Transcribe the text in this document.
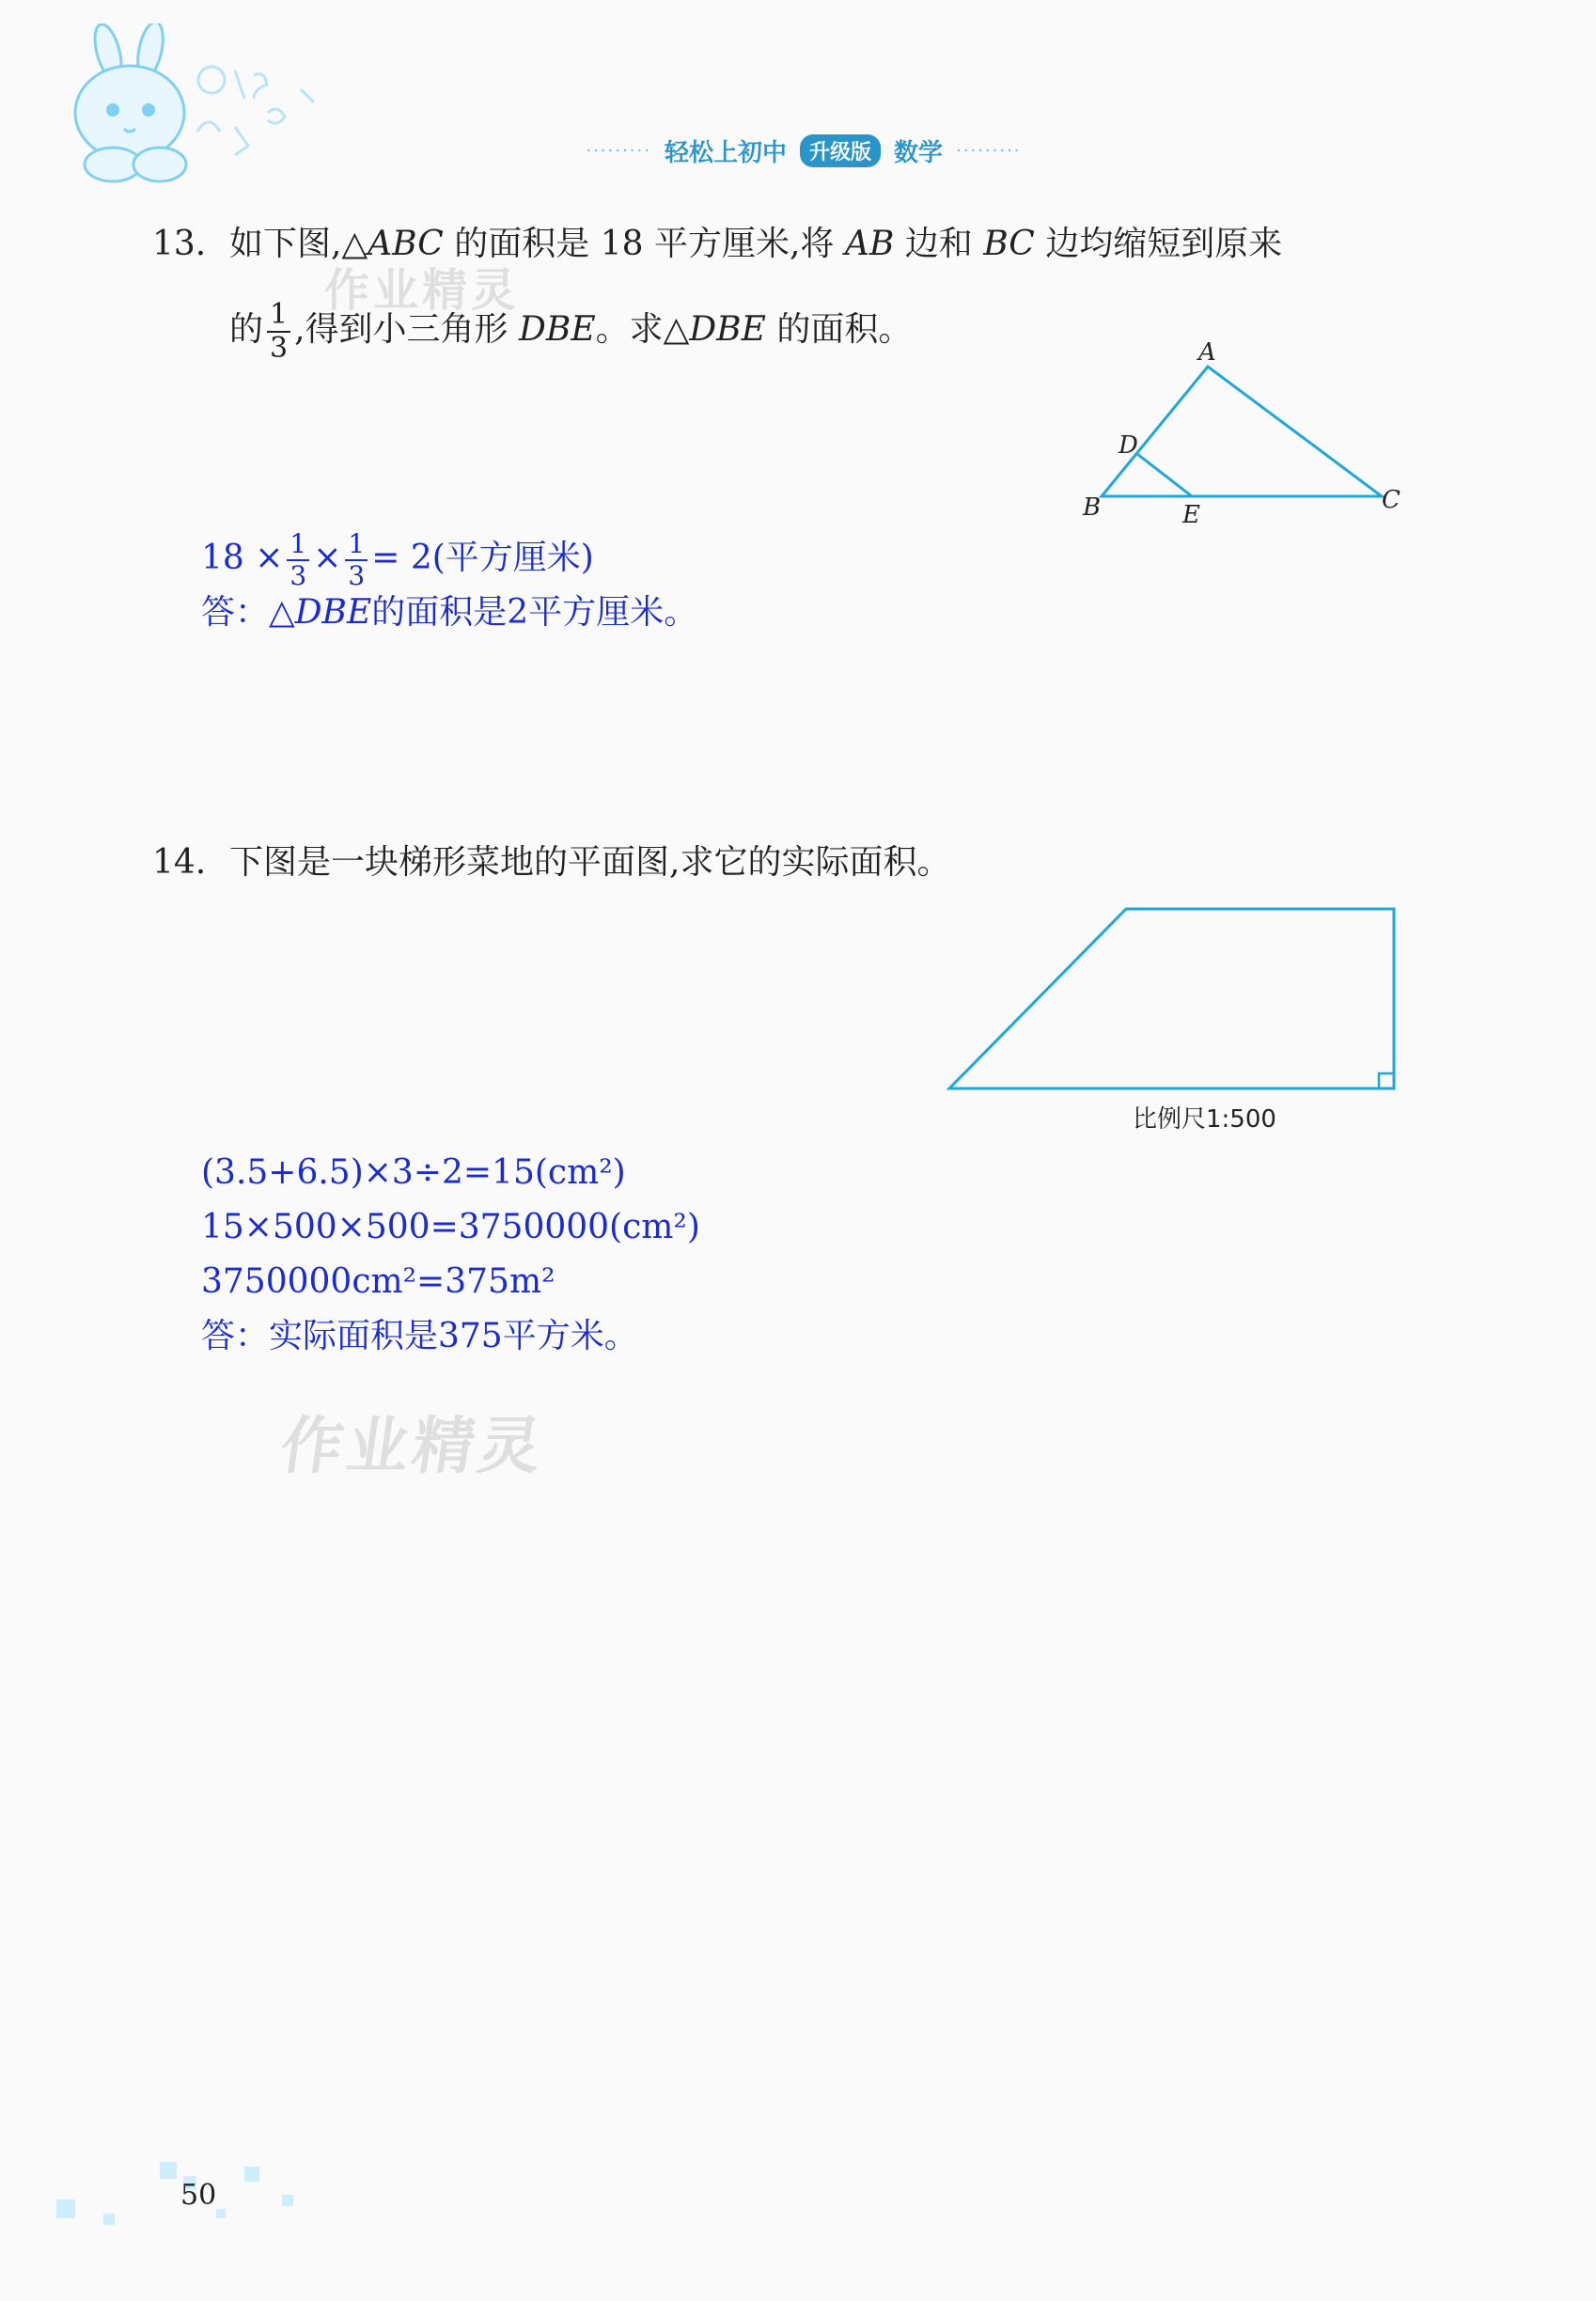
········· 轻松上初中	升级版 数学 ·········
作业精灵
作业精灵
13. 如下图,△ABC 的面积是 18 平方厘米,将 AB 边和 BC 边均缩短到原来
的 $\frac{1}{3}$ ,得到小三角形 DBE。求△DBE 的面积。
A
D
B	E
C
$18 \times \frac{1}{3} \times \frac{1}{3} = 2$(平方厘米)
答：△DBE的面积是2平方厘米。
14. 下图是一块梯形菜地的平面图,求它的实际面积。
比例尺1:500
(3.5+6.5)×3÷2=15(cm²)
15×500×500=3750000(cm²)
3750000cm²=375m²
答：实际面积是375平方米。
50
